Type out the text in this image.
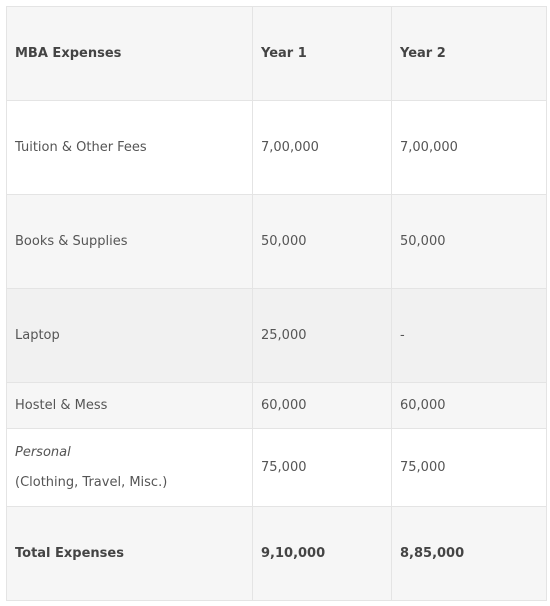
MBA Expenses	Year 1	Year 2
Tuition & Other Fees	7,00,000	7,00,000
Books & Supplies	50,000	50,000
Laptop	25,000	-
Hostel & Mess	60,000	60,000

Personal
(Clothing, Travel, Misc.)	75,000	75,000
Total Expenses	9,10,000	8,85,000
